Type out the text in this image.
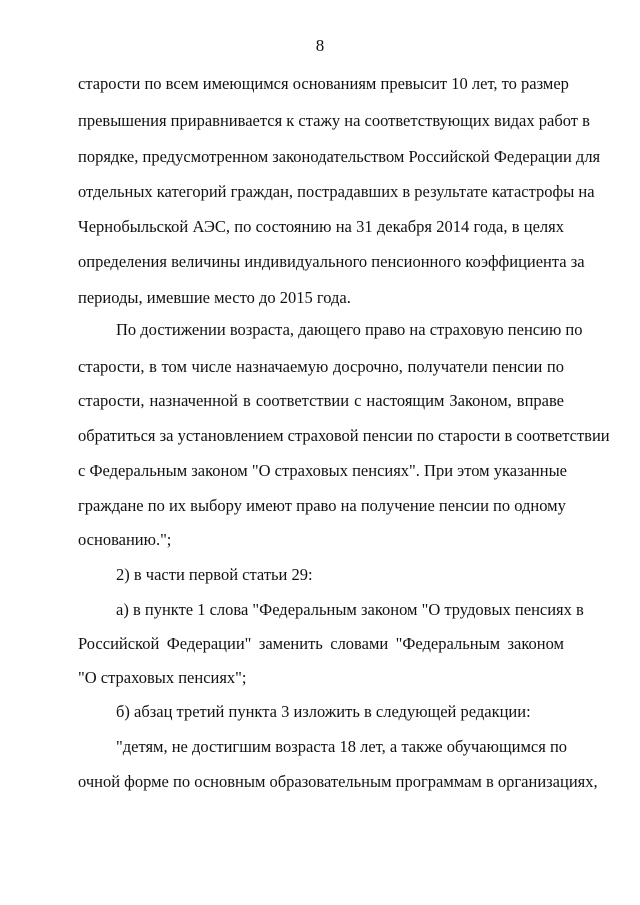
8
старости по всем имеющимся основаниям превысит 10 лет, то размер
превышения приравнивается к стажу на соответствующих видах работ в
порядке, предусмотренном законодательством Российской Федерации для
отдельных категорий граждан, пострадавших в результате катастрофы на
Чернобыльской АЭС, по состоянию на 31 декабря 2014 года, в целях
определения величины индивидуального пенсионного коэффициента за
периоды, имевшие место до 2015 года.
По достижении возраста, дающего право на страховую пенсию по
старости, в том числе назначаемую досрочно, получатели пенсии по
старости, назначенной в соответствии с настоящим Законом, вправе
обратиться за установлением страховой пенсии по старости в соответствии
с Федеральным законом "О страховых пенсиях". При этом указанные
граждане по их выбору имеют право на получение пенсии по одному
основанию.";
2) в части первой статьи 29:
а) в пункте 1 слова "Федеральным законом "О трудовых пенсиях в
Российской Федерации" заменить словами "Федеральным законом
"О страховых пенсиях";
б) абзац третий пункта 3 изложить в следующей редакции:
"детям, не достигшим возраста 18 лет, а также обучающимся по
очной форме по основным образовательным программам в организациях,
